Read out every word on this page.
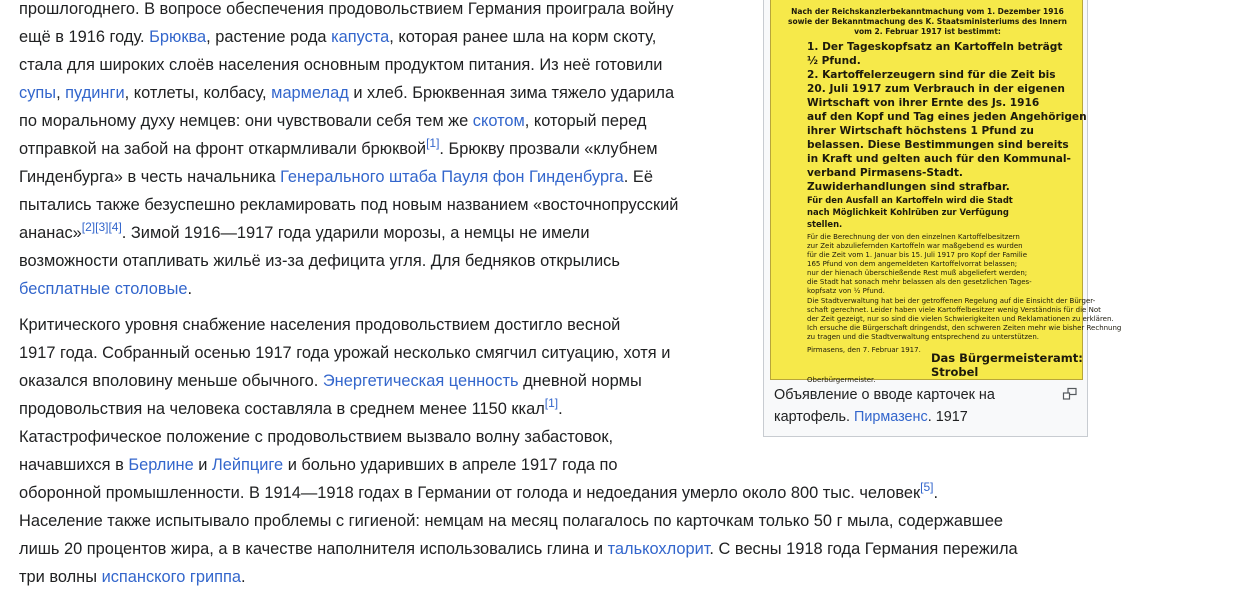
прошлогоднего. В вопросе обеспечения продовольствием Германия проиграла войну
ещё в 1916 году. Брюква, растение рода капуста, которая ранее шла на корм скоту,
стала для широких слоёв населения основным продуктом питания. Из неё готовили
супы, пудинги, котлеты, колбасу, мармелад и хлеб. Брюквенная зима тяжело ударила
по моральному духу немцев: они чувствовали себя тем же скотом, который перед
отправкой на забой на фронт откармливали брюквой[1]. Брюкву прозвали «клубнем
Гинденбурга» в честь начальника Генерального штаба Пауля фон Гинденбурга. Её
пытались также безуспешно рекламировать под новым названием «восточнопрусский
ананас»[2][3][4]. Зимой 1916—1917 года ударили морозы, а немцы не имели
возможности отапливать жильё из-за дефицита угля. Для бедняков открылись
бесплатные столовые.
Критического уровня снабжение населения продовольствием достигло весной
1917 года. Собранный осенью 1917 года урожай несколько смягчил ситуацию, хотя и
оказался вполовину меньше обычного. Энергетическая ценность дневной нормы
продовольствия на человека составляла в среднем менее 1150 ккал[1].
Катастрофическое положение с продовольствием вызвало волну забастовок,
начавшихся в Берлине и Лейпциге и больно ударивших в апреле 1917 года по
оборонной промышленности. В 1914—1918 годах в Германии от голода и недоедания умерло около 800 тыс. человек[5].
Население также испытывало проблемы с гигиеной: немцам на месяц полагалось по карточкам только 50 г мыла, содержавшее
лишь 20 процентов жира, а в качестве наполнителя использовались глина и талькохлорит. С весны 1918 года Германия пережила
три волны испанского гриппа.
Nach der Reichskanzlerbekanntmachung vom 1. Dezember 1916
sowie der Bekanntmachung des K. Staatsministeriums des Innern
vom 2. Februar 1917 ist bestimmt:
1. Der Tageskopfsatz an Kartoffeln beträgt
½ Pfund.
2. Kartoffelerzeugern sind für die Zeit bis
20. Juli 1917 zum Verbrauch in der eigenen
Wirtschaft von ihrer Ernte des Js. 1916
auf den Kopf und Tag eines jeden Angehörigen
ihrer Wirtschaft höchstens 1 Pfund zu
belassen. Diese Bestimmungen sind bereits
in Kraft und gelten auch für den Kommunal-
verband Pirmasens-Stadt.
Zuwiderhandlungen sind strafbar.
Für den Ausfall an Kartoffeln wird die Stadt
nach Möglichkeit Kohlrüben zur Verfügung
stellen.
Für die Berechnung der von den einzelnen Kartoffelbesitzern
zur Zeit abzuliefernden Kartoffeln war maßgebend es wurden
für die Zeit vom 1. Januar bis 15. Juli 1917 pro Kopf der Familie
165 Pfund von dem angemeldeten Kartoffelvorrat belassen;
nur der hienach überschießende Rest muß abgeliefert werden;
die Stadt hat sonach mehr belassen als den gesetzlichen Tages-
kopfsatz von ½ Pfund.
Die Stadtverwaltung hat bei der getroffenen Regelung auf die Einsicht der Bürger-
schaft gerechnet. Leider haben viele Kartoffelbesitzer wenig Verständnis für die Not
der Zeit gezeigt, nur so sind die vielen Schwierigkeiten und Reklamationen zu erklären.
Ich ersuche die Bürgerschaft dringendst, den schweren Zeiten mehr wie bisher Rechnung
zu tragen und die Stadtverwaltung entsprechend zu unterstützen.
Pirmasens, den 7. Februar 1917.
Das Bürgermeisteramt:
Strobel
Oberbürgermeister.
Объявление о вводе карточек на
картофель. Пирмазенс. 1917
